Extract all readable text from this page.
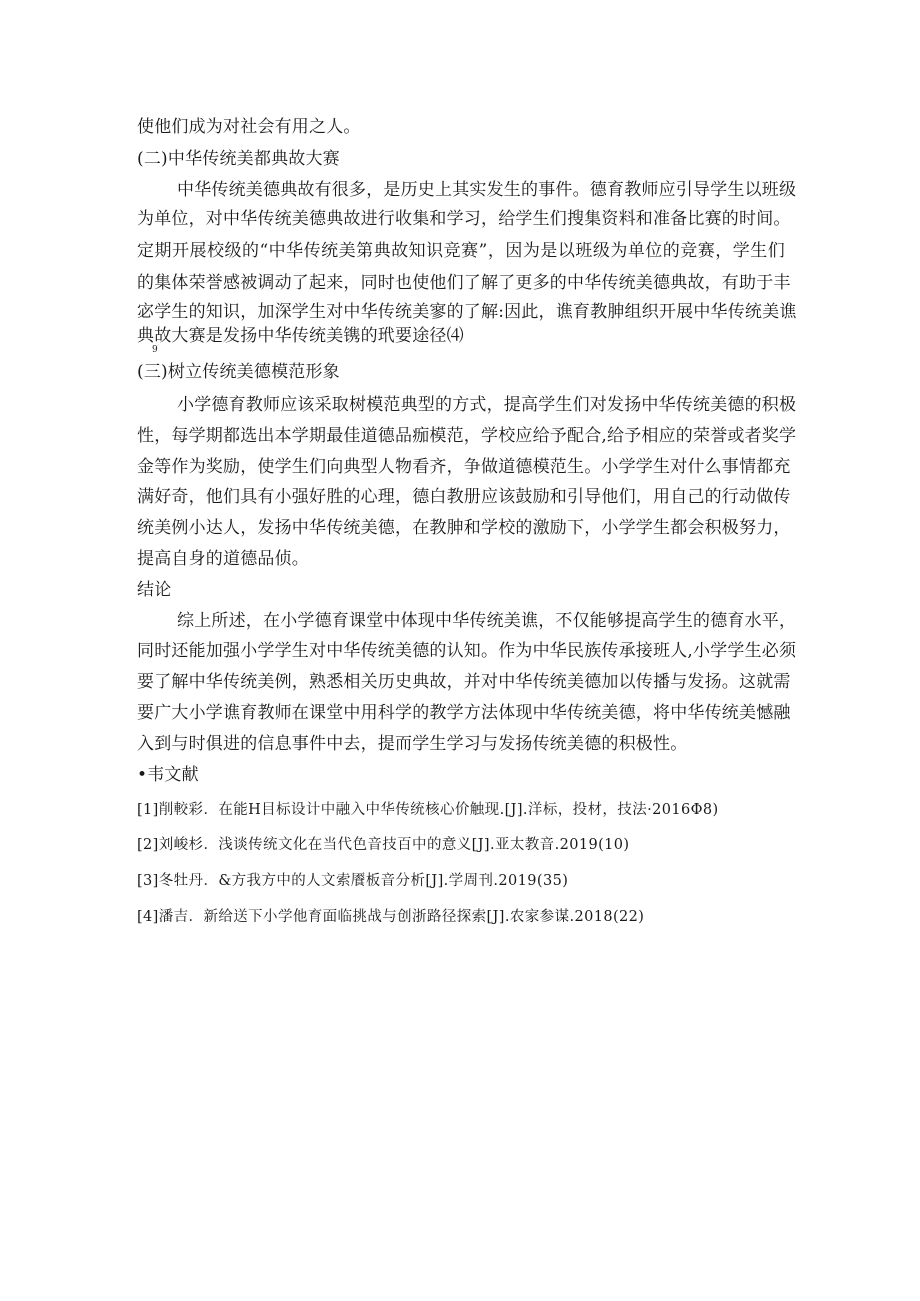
使他们成为对社会有用之人。
(二)中华传统美都典故大赛
中华传统美德典故有很多，是历史上其实发生的事件。德育教师应引导学生以班级
为单位，对中华传统美德典故进行收集和学习，给学生们搜集资料和准备比赛的时间。
定期开展校级的“中华传统美第典故知识竞赛”，因为是以班级为单位的竞赛，学生们
的集体荣誉感被调动了起来，同时也使他们了解了更多的中华传统美德典故，有助于丰
宓学生的知识，加深学生对中华传统美寥的了解:因此，谯育教胂组织开展中华传统美谯
典故大赛是发扬中华传统美镌的玳要途径⑷
9
(三)树立传统美德模范形象
小学德育教师应该采取树模范典型的方式，提高学生们对发扬中华传统美德的积极
性，每学期都选出本学期最佳道德品痂模范，学校应给予配合,给予相应的荣誉或者奖学
金等作为奖励，使学生们向典型人物看齐，争做道德模范生。小学学生对什么事情都充
满好奇，他们具有小强好胜的心理，德白教册应该鼓励和引导他们，用自己的行动做传
统美例小达人，发扬中华传统美德，在教胂和学校的激励下，小学学生都会积极努力，
提高自身的道德品侦。
结论
综上所述，在小学德育课堂中体现中华传统美谯，不仅能够提高学生的德育水平，
同时还能加强小学学生对中华传统美德的认知。作为中华民族传承接班人,小学学生必须
要了解中华传统美例，熟悉相关历史典故，并对中华传统美德加以传播与发扬。这就需
要广大小学谯育教师在课堂中用科学的教学方法体现中华传统美德，将中华传统美憾融
入到与时俱进的信息事件中去，提而学生学习与发扬传统美德的积极性。
•韦文献
[1]削較彩．在能H目标设计中融入中华传统核心价触现.[J].洋标，投材，技法·2016Φ8)
[2]刘峻杉．浅谈传统文化在当代色音技百中的意义[J].亚太教音.2019(10)
[3]冬牡丹．&方我方中的人文索餍板音分析[J].学周刊.2019(35)
[4]潘吉．新给送下小学他育面临挑战与创浙路径探索[J].农家参谋.2018(22)
